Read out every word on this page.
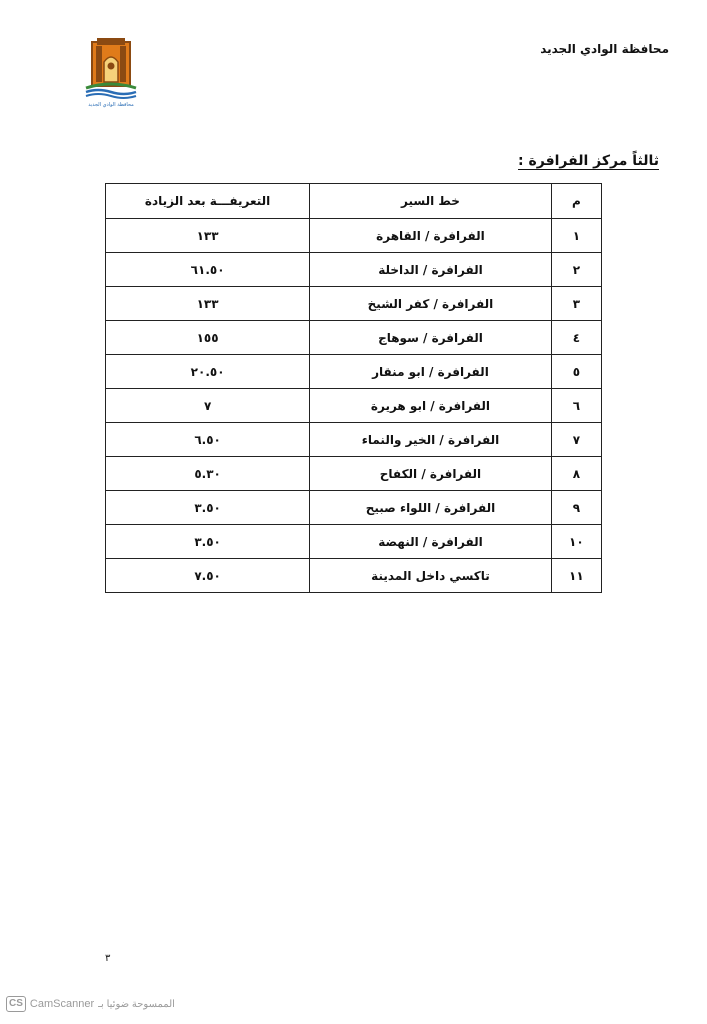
محافظة الوادي الجديد
محافظة الوادي الجديد
ثالثاً مركز الفرافرة :
م	خط السير	التعريفـــة بعد الزيادة
١	الفرافرة / القاهرة	١٣٣
٢	الفرافرة / الداخلة	٦١.٥٠
٣	الفرافرة / كفر الشيخ	١٣٣
٤	الفرافرة / سوهاج	١٥٥
٥	الفرافرة / ابو منقار	٢٠.٥٠
٦	الفرافرة / ابو هريرة	٧
٧	الفرافرة / الخير والنماء	٦.٥٠
٨	الفرافرة / الكفاح	٥.٣٠
٩	الفرافرة / اللواء صبيح	٣.٥٠
١٠	الفرافرة / النهضة	٣.٥٠
١١	تاكسي داخل المدينة	٧.٥٠
٣
CS CamScanner الممسوحة ضوئيا بـ
